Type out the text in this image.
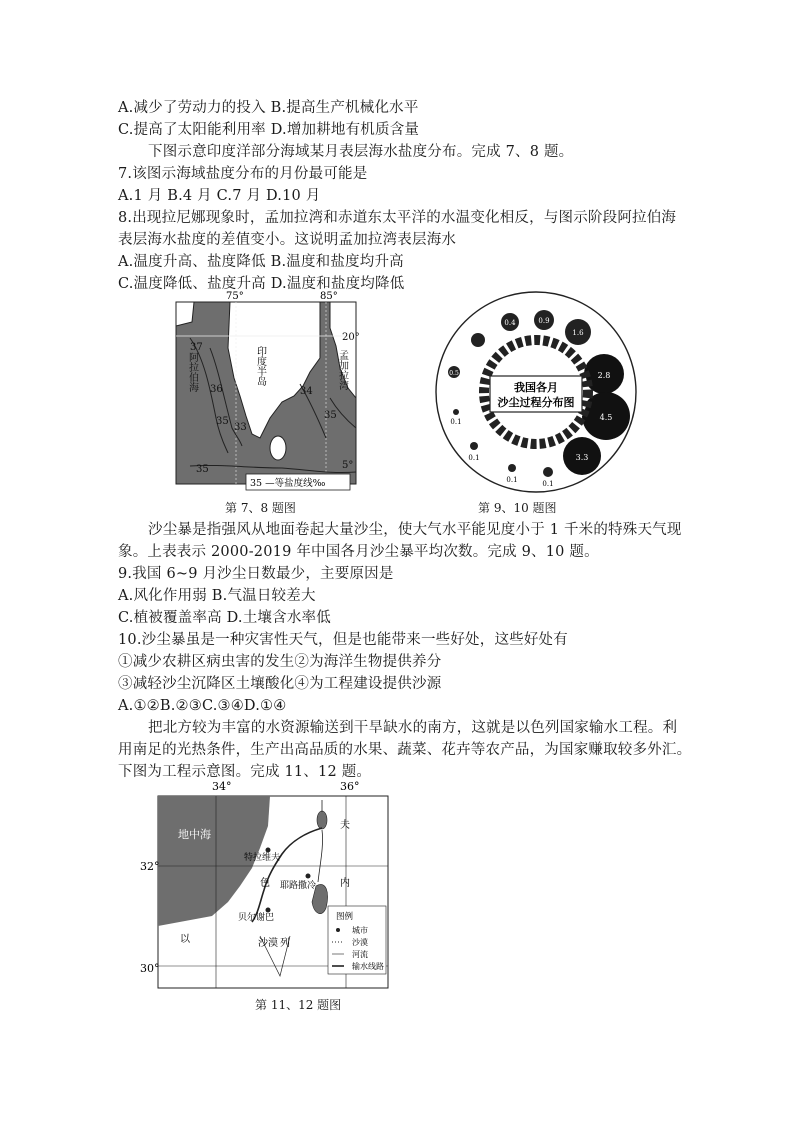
A.减少了劳动力的投入 B.提高生产机械化水平
C.提高了太阳能利用率 D.增加耕地有机质含量
下图示意印度洋部分海域某月表层海水盐度分布。完成 7、8 题。
7.该图示海域盐度分布的月份最可能是
A.1 月 B.4 月 C.7 月 D.10 月
8.出现拉尼娜现象时，孟加拉湾和赤道东太平洋的水温变化相反，与图示阶段阿拉伯海
表层海水盐度的差值变小。这说明孟加拉湾表层海水
A.温度升高、盐度降低 B.温度和盐度均升高
C.温度降低、盐度升高 D.温度和盐度均降低
75°	85°
20°
5°
印度半岛
阿拉伯海	孟加拉湾
37
36
35
33
35
34
35
35 —等盐度线‰
第 7、8 题图
我国各月
沙尘过程分布图
0.4	0.9
1.6
2.8
3.4
4.5
3.3
0.5
0.1
0.1
0.1
0.1
第 9、10 题图
沙尘暴是指强风从地面卷起大量沙尘，使大气水平能见度小于 1 千米的特殊天气现
象。上表表示 2000-2019 年中国各月沙尘暴平均次数。完成 9、10 题。
9.我国 6~9 月沙尘日数最少，主要原因是
A.风化作用弱 B.气温日较差大
C.植被覆盖率高 D.土壤含水率低
10.沙尘暴虽是一种灾害性天气，但是也能带来一些好处，这些好处有
①减少农耕区病虫害的发生②为海洋生物提供养分
③减轻沙尘沉降区土壤酸化④为工程建设提供沙源
A.①②B.②③C.③④D.①④
把北方较为丰富的水资源输送到干旱缺水的南方，这就是以色列国家输水工程。利
用南足的光热条件，生产出高品质的水果、蔬菜、花卉等农产品，为国家赚取较多外汇。
下图为工程示意图。完成 11、12 题。
34°	36°
32°
30°
地中海
特拉维夫
耶路撒冷
贝尔谢巴
色
列
以
内
夫
沙漠
图例
城市
沙漠
河流
输水线路
第 11、12 题图
